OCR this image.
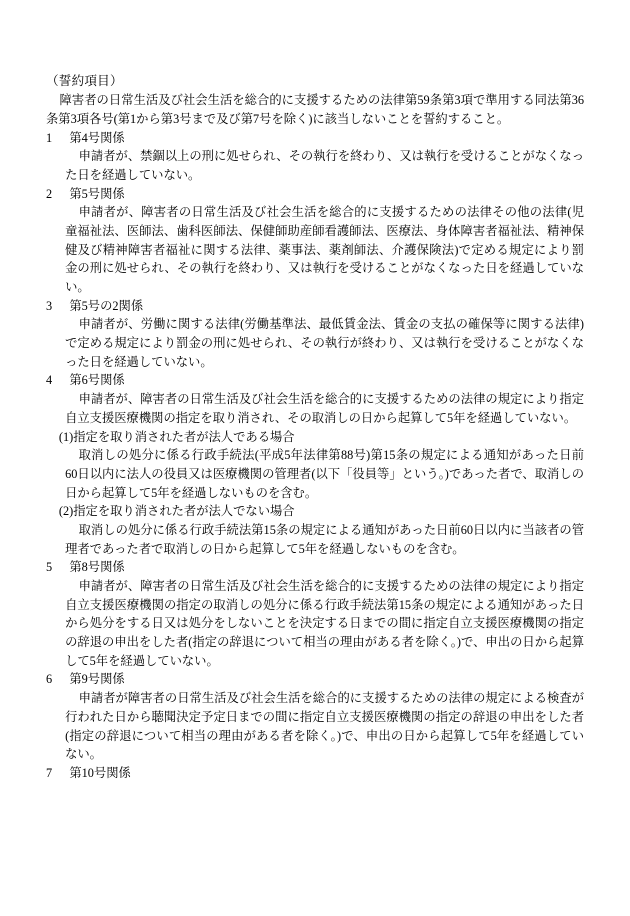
（誓約項目）

障害者の日常生活及び社会生活を総合的に支援するための法律第59条第3項で準用する同法第36条第3項各号(第1から第3号まで及び第7号を除く)に該当しないことを誓約すること。

1 第4号関係

申請者が、禁錮以上の刑に処せられ、その執行を終わり、又は執行を受けることがなくなった日を経過していない。

2 第5号関係

申請者が、障害者の日常生活及び社会生活を総合的に支援するための法律その他の法律(児童福祉法、医師法、歯科医師法、保健師助産師看護師法、医療法、身体障害者福祉法、精神保健及び精神障害者福祉に関する法律、薬事法、薬剤師法、介護保険法)で定める規定により罰金の刑に処せられ、その執行を終わり、又は執行を受けることがなくなった日を経過していない。

3 第5号の2関係

申請者が、労働に関する法律(労働基準法、最低賃金法、賃金の支払の確保等に関する法律)で定める規定により罰金の刑に処せられ、その執行が終わり、又は執行を受けることがなくなった日を経過していない。

4 第6号関係

申請者が、障害者の日常生活及び社会生活を総合的に支援するための法律の規定により指定自立支援医療機関の指定を取り消され、その取消しの日から起算して5年を経過していない。

(1)指定を取り消された者が法人である場合

取消しの処分に係る行政手続法(平成5年法律第88号)第15条の規定による通知があった日前60日以内に法人の役員又は医療機関の管理者(以下「役員等」という。)であった者で、取消しの日から起算して5年を経過しないものを含む。

(2)指定を取り消された者が法人でない場合

取消しの処分に係る行政手続法第15条の規定による通知があった日前60日以内に当該者の管理者であった者で取消しの日から起算して5年を経過しないものを含む。

5 第8号関係

申請者が、障害者の日常生活及び社会生活を総合的に支援するための法律の規定により指定自立支援医療機関の指定の取消しの処分に係る行政手続法第15条の規定による通知があった日から処分をする日又は処分をしないことを決定する日までの間に指定自立支援医療機関の指定の辞退の申出をした者(指定の辞退について相当の理由がある者を除く。)で、申出の日から起算して5年を経過していない。

6 第9号関係

申請者が障害者の日常生活及び社会生活を総合的に支援するための法律の規定による検査が行われた日から聴聞決定予定日までの間に指定自立支援医療機関の指定の辞退の申出をした者(指定の辞退について相当の理由がある者を除く。)で、申出の日から起算して5年を経過していない。

7 第10号関係
